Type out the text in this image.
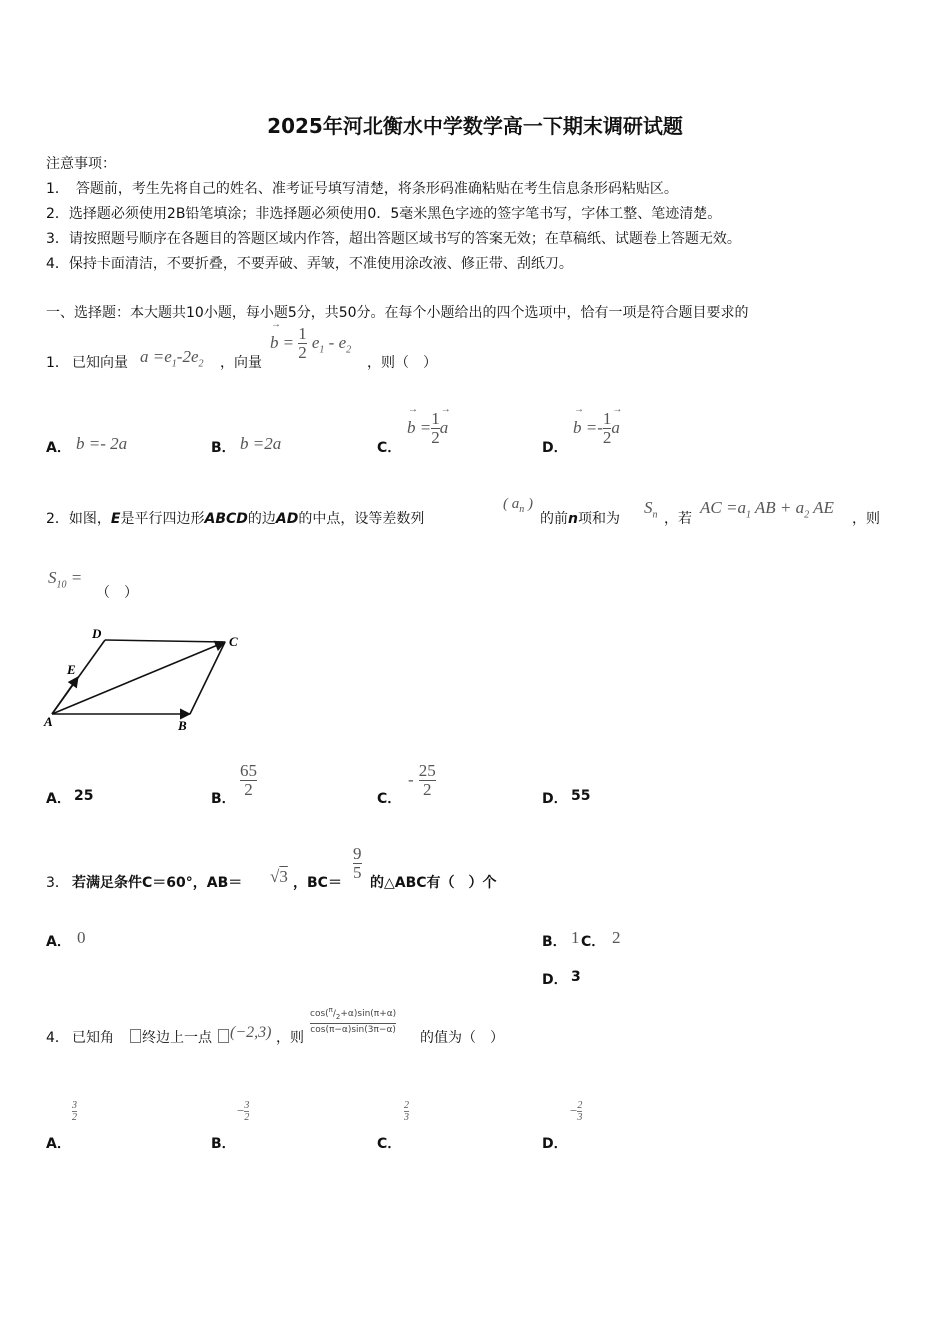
2025年河北衡水中学数学高一下期末调研试题
注意事项：
1．　答题前，考生先将自己的姓名、准考证号填写清楚，将条形码准确粘贴在考生信息条形码粘贴区。
2．选择题必须使用2B铅笔填涂；非选择题必须使用0．5毫米黑色字迹的签字笔书写，字体工整、笔迹清楚。
3．请按照题号顺序在各题目的答题区域内作答，超出答题区域书写的答案无效；在草稿纸、试题卷上答题无效。
4．保持卡面清洁，不要折叠，不要弄破、弄皱，不准使用涂改液、修正带、刮纸刀。
一、选择题：本大题共10小题，每小题5分，共50分。在每个小题给出的四个选项中，恰有一项是符合题目要求的
1． 已知向量 $a =e_1-2e_2$ ，向量
→ $b = \frac{1}{2} e_1 - e_2$
，则（　）
A． b =- 2a	B． b =2a	C．
→ $b = \frac{1}{2} \to a$
D．
→ $b =- \frac{1}{2} \to a$
2．如图，E是平行四边形ABCD的边AD的中点，设等差数列
( $a_n$ )
的前n项和为
$S_n$ ，若
AC $=a_1$ AB + $a_2$ AE
，则
$S_{10}$ =
（　）
A	B
C
D
E
A． 25	B． $\frac{65}{2}$	C．
- $\frac{25}{2}$	D． 55
3． 若满足条件C＝60°，AB＝ √3 ，BC＝
$\frac{9}{5}$
的△ABC有（　）个
A． 0	B． 1 C． 2
D． 3
4． 已知角 终边上一点 (−2,3) ，则
$\cos(^\pi/_2+\alpha)\sin(\pi+\alpha)$
cos(π−α)sin(3π−α)
的值为（　）
A．
$\frac{3}{2}$
B．
$^- \frac{3}{2}$
C．
$\frac{2}{3}$
D．
$^- \frac{2}{3}$
